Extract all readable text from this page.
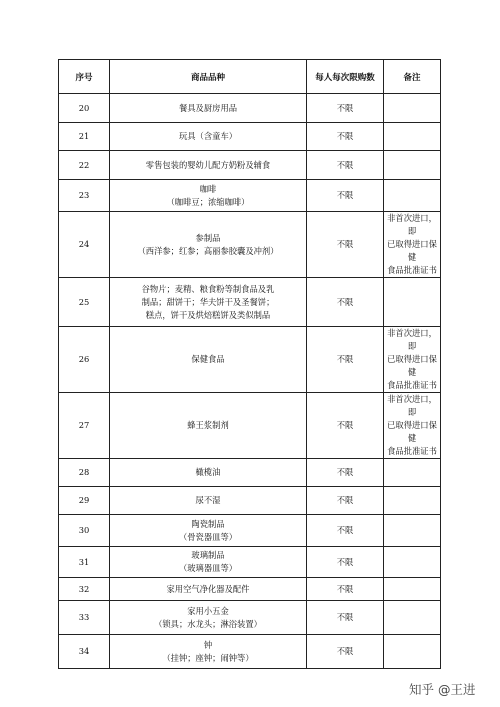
序号	商品品种	每人每次限购数	备注
20	餐具及厨房用品	不限	
21	玩具（含童车）	不限	
22	零售包装的婴幼儿配方奶粉及辅食	不限	
23	咖啡
（咖啡豆；浓缩咖啡）	不限	
24	参制品
（西洋参；红参；高丽参胶囊及冲剂）	不限	非首次进口，即
已取得进口保健
食品批准证书

25	谷物片；麦精、粮食粉等制食品及乳
制品；甜饼干；华夫饼干及圣餐饼；
糕点，饼干及烘焙糕饼及类似制品	不限	
26	保健食品	不限	非首次进口，即
已取得进口保健
食品批准证书

27	蜂王浆制剂	不限	非首次进口，即
已取得进口保健
食品批准证书

28	橄榄油	不限	
29	尿不湿	不限	
30	陶瓷制品
（骨瓷器皿等）	不限	
31	玻璃制品
（玻璃器皿等）	不限	
32	家用空气净化器及配件	不限	
33	家用小五金
（锁具；水龙头；淋浴装置）	不限	
34	钟
（挂钟；座钟；闹钟等）	不限	
知乎 @王进
